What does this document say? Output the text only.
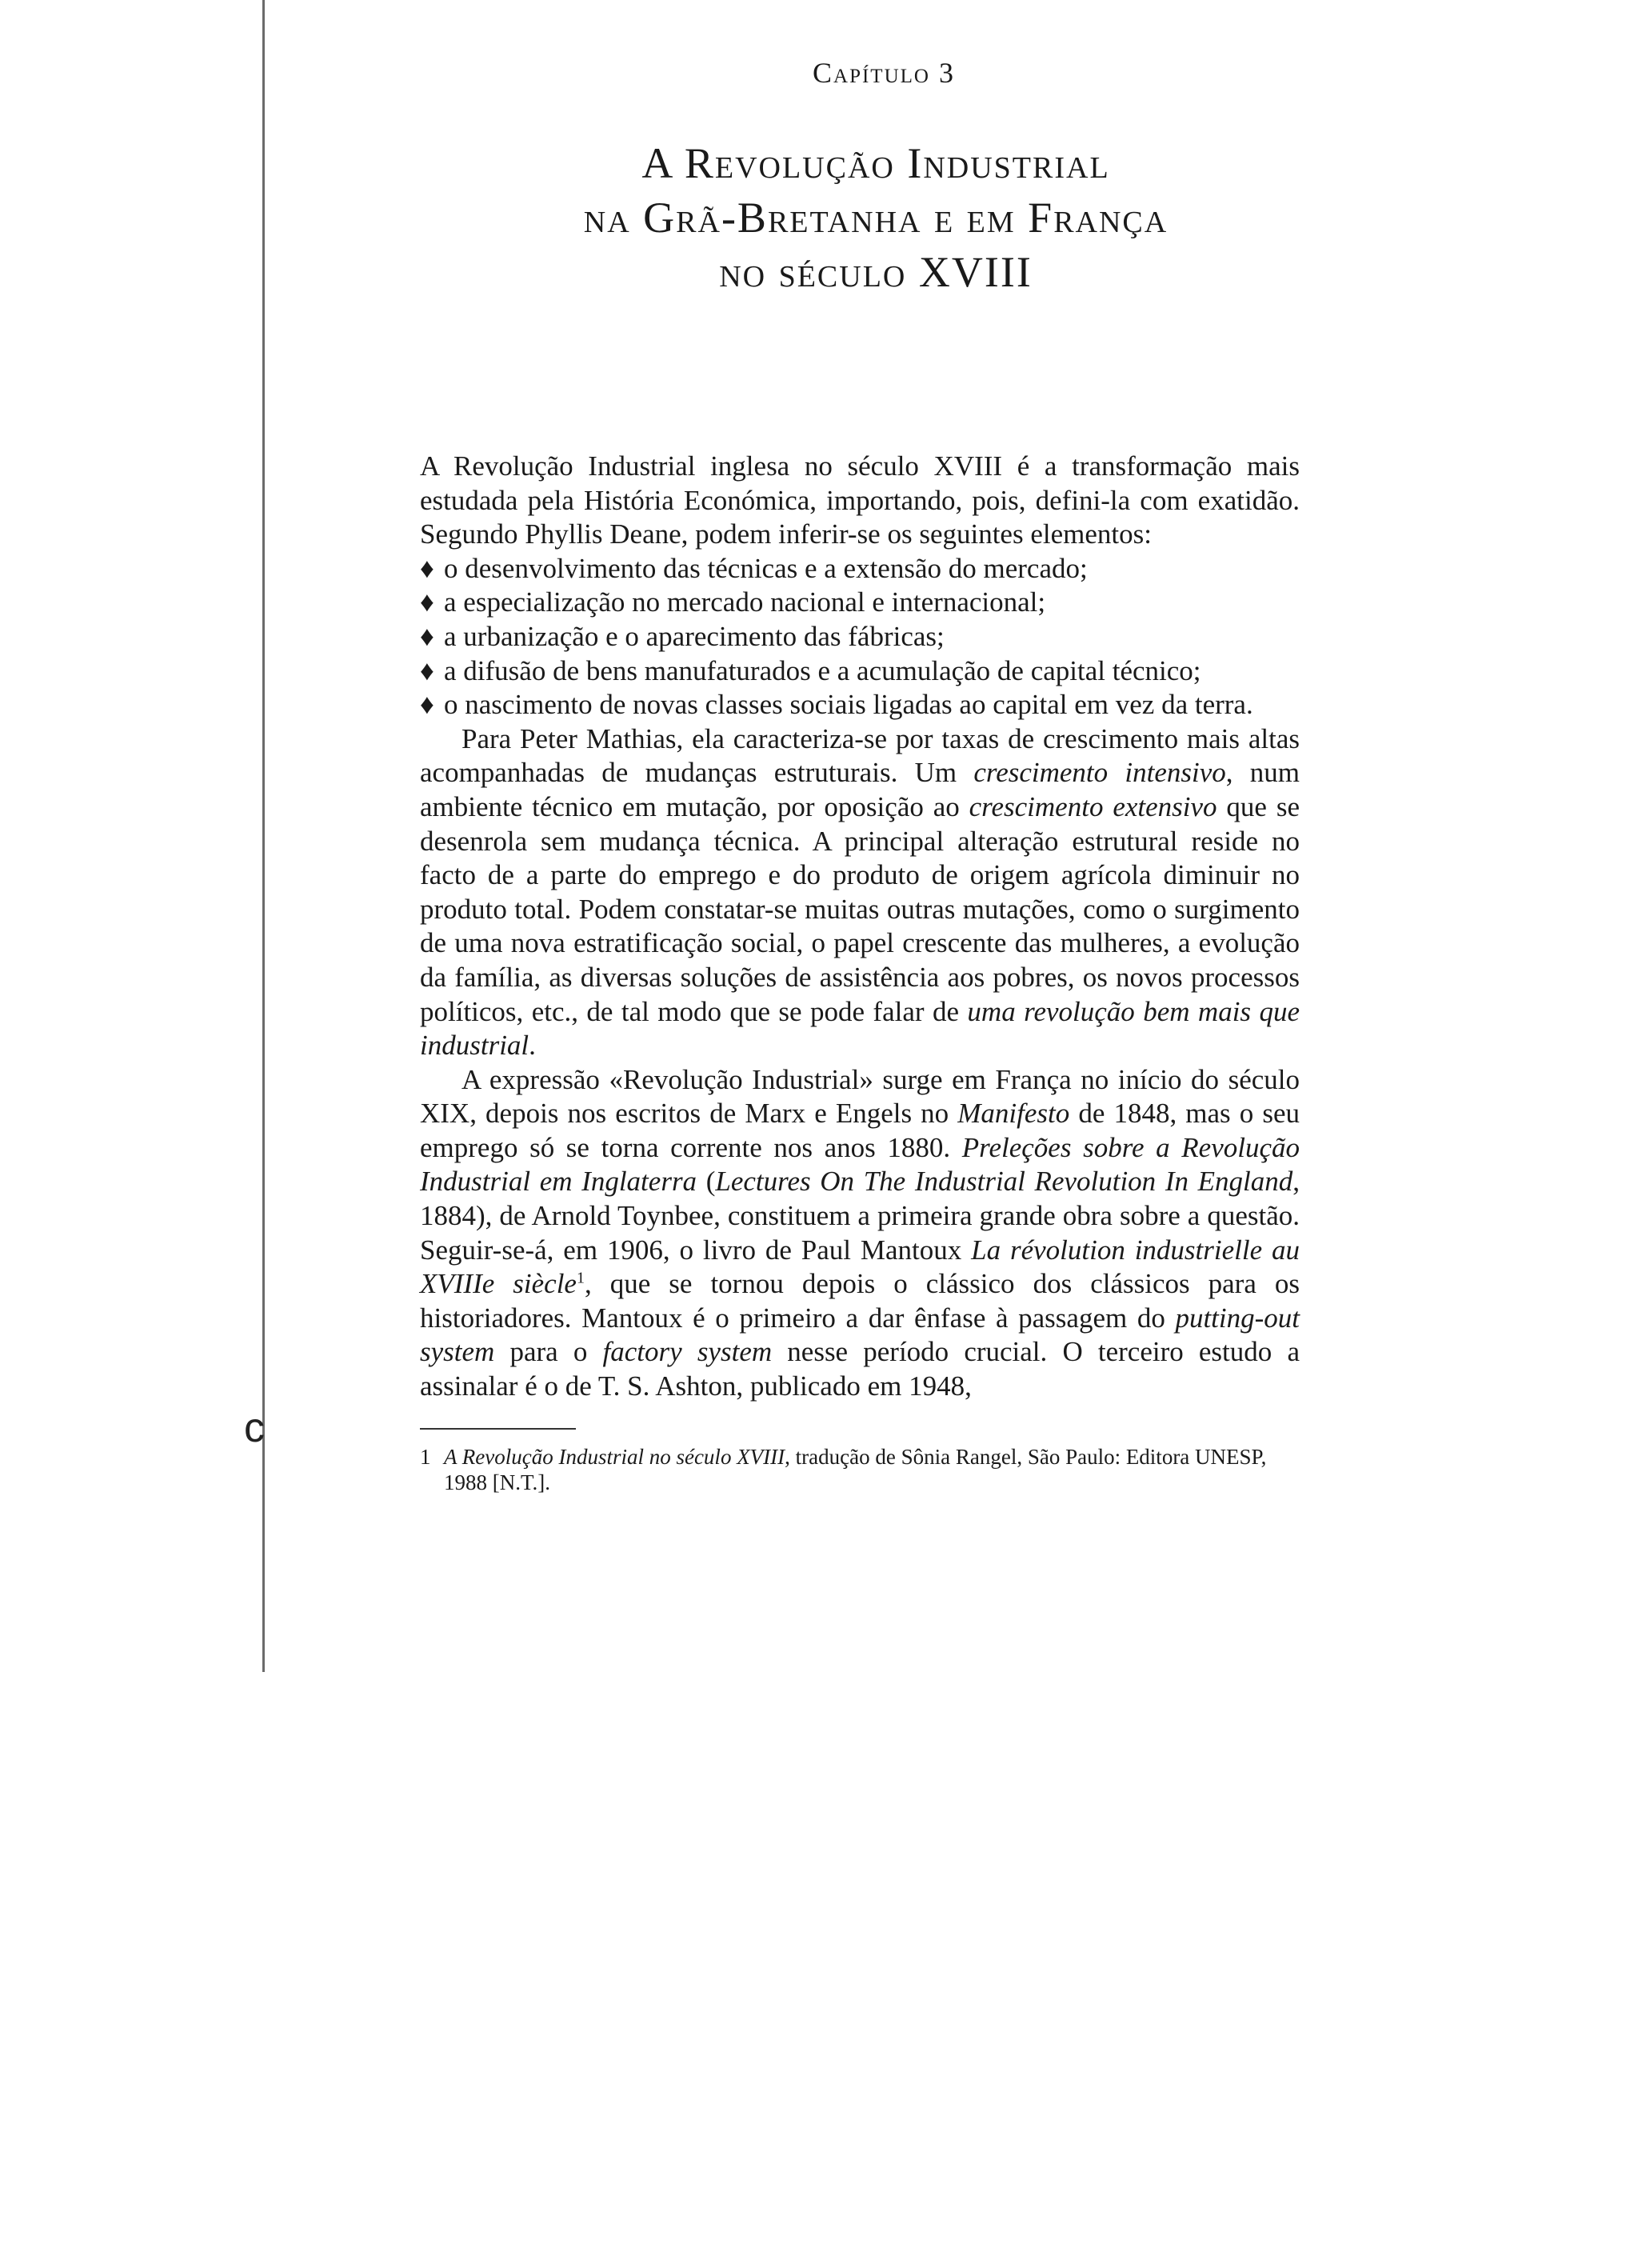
c
Capítulo 3
A Revolução Industrial
na Grã-Bretanha e em França
no século XVIII

A Revolução Industrial inglesa no século XVIII é a transformação mais estudada pela História Económica, importando, pois, defini-la com exatidão. Segundo Phyllis Deane, podem inferir-se os seguintes elementos:

♦ o desenvolvimento das técnicas e a extensão do mercado;
♦ a especialização no mercado nacional e internacional;
♦ a urbanização e o aparecimento das fábricas;
♦ a difusão de bens manufaturados e a acumulação de capital técnico;
♦ o nascimento de novas classes sociais ligadas ao capital em vez da terra.

Para Peter Mathias, ela caracteriza-se por taxas de crescimento mais altas acompanhadas de mudanças estruturais. Um crescimento intensivo, num ambiente técnico em mutação, por oposição ao crescimento extensivo que se desenrola sem mudança técnica. A principal alteração estrutural reside no facto de a parte do emprego e do produto de origem agrícola diminuir no produto total. Podem constatar-se muitas outras mutações, como o surgimento de uma nova estratificação social, o papel crescente das mulheres, a evolução da família, as diversas soluções de assistência aos pobres, os novos processos políticos, etc., de tal modo que se pode falar de uma revolução bem mais que industrial.

A expressão «Revolução Industrial» surge em França no início do século XIX, depois nos escritos de Marx e Engels no Manifesto de 1848, mas o seu emprego só se torna corrente nos anos 1880. Preleções sobre a Revolução Industrial em Inglaterra (Lectures On The Industrial Revolution In England, 1884), de Arnold Toynbee, constituem a primeira grande obra sobre a questão. Seguir-se-á, em 1906, o livro de Paul Mantoux La révolution industrielle au XVIIIe siècle$^1$, que se tornou depois o clássico dos clássicos para os historiadores. Mantoux é o primeiro a dar ênfase à passagem do putting-out system para o factory system nesse período crucial. O terceiro estudo a assinalar é o de T. S. Ashton, publicado em 1948,

1 A Revolução Industrial no século XVIII, tradução de Sônia Rangel, São Paulo: Editora UNESP, 1988 [N.T.].
